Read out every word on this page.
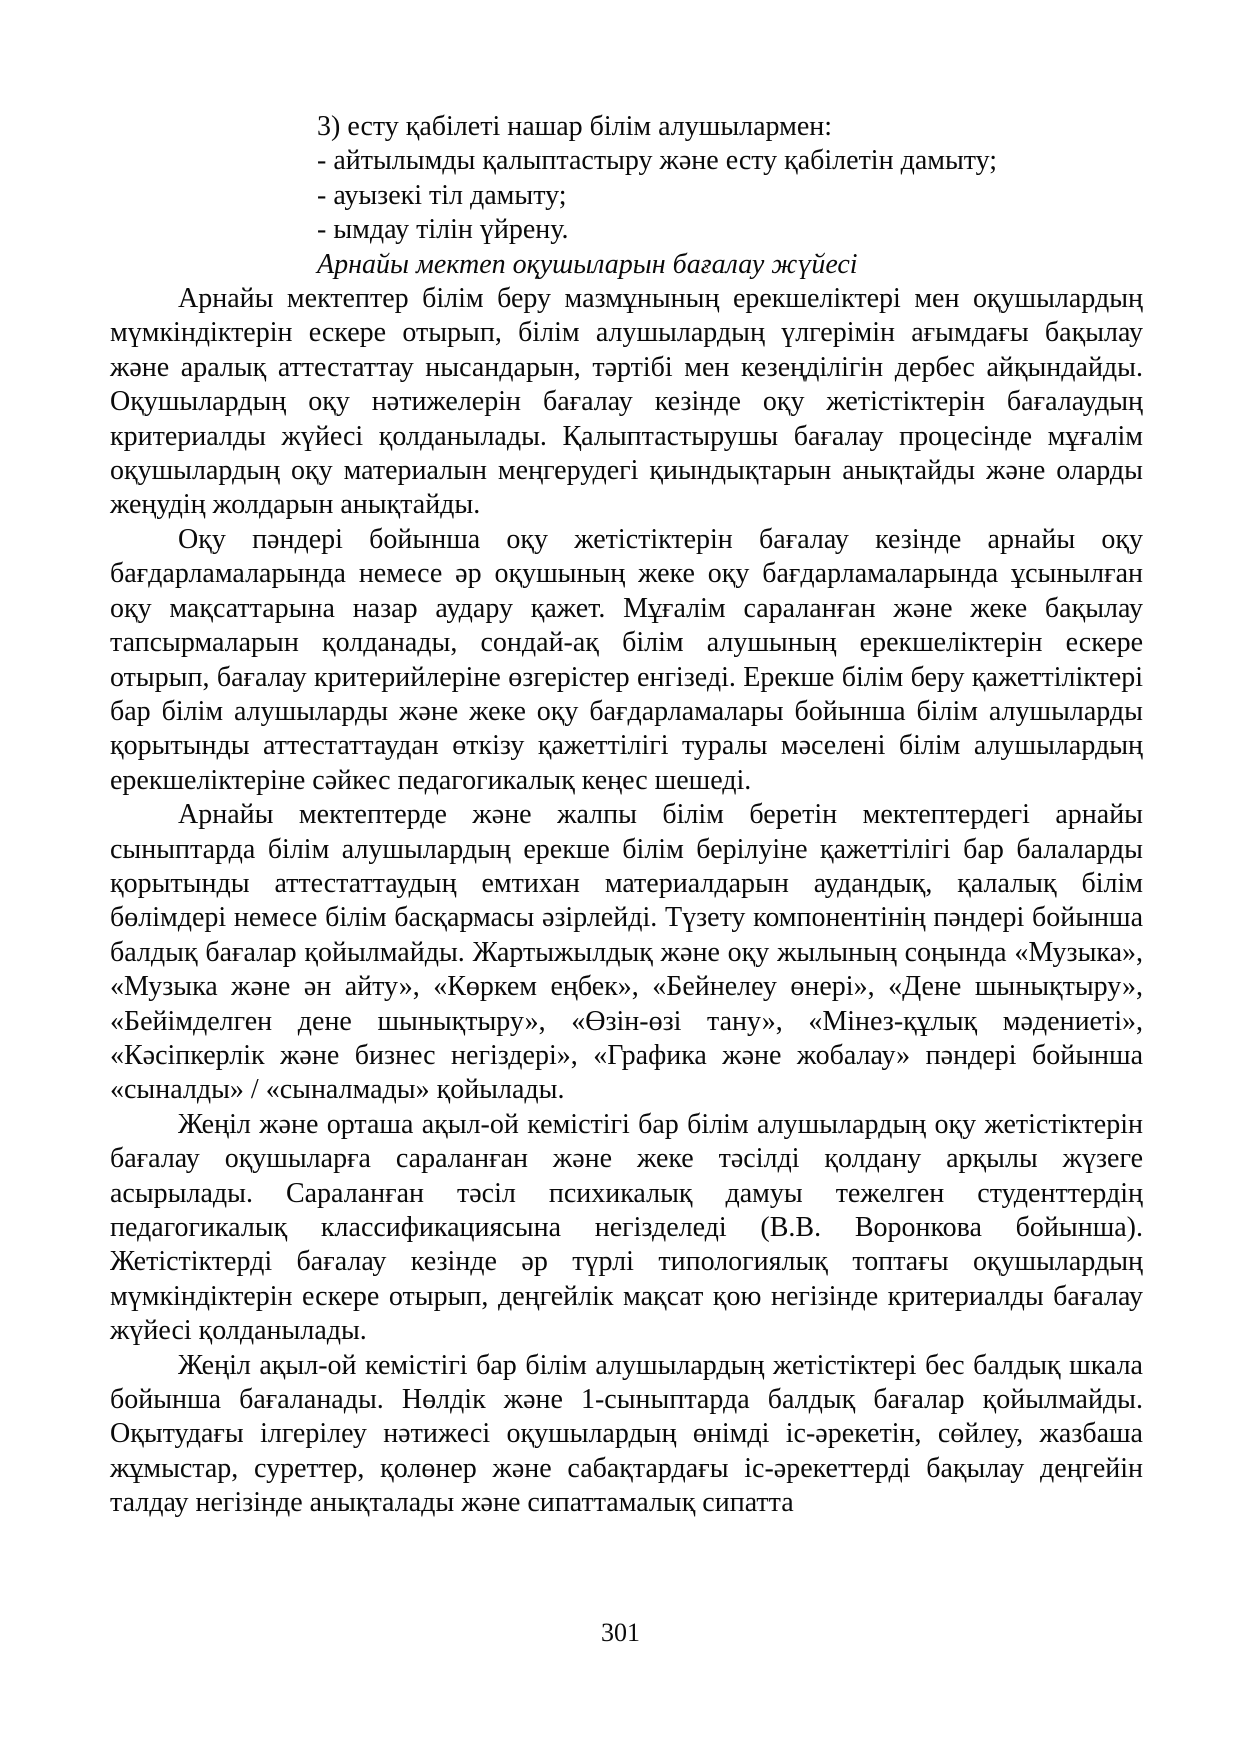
3) есту қабілеті нашар білім алушылармен:
- айтылымды қалыптастыру және есту қабілетін дамыту;
- ауызекі тіл дамыту;
- ымдау тілін үйрену.
Арнайы мектеп оқушыларын бағалау жүйесі

Арнайы мектептер білім беру мазмұнының ерекшеліктері мен оқушылардың мүмкіндіктерін ескере отырып, білім алушылардың үлгерімін ағымдағы бақылау және аралық аттестаттау нысандарын, тәртібі мен кезеңділігін дербес айқындайды. Оқушылардың оқу нәтижелерін бағалау кезінде оқу жетістіктерін бағалаудың критериалды жүйесі қолданылады. Қалыптастырушы бағалау процесінде мұғалім оқушылардың оқу материалын меңгерудегі қиындықтарын анықтайды және оларды жеңудің жолдарын анықтайды.

Оқу пәндері бойынша оқу жетістіктерін бағалау кезінде арнайы оқу бағдарламаларында немесе әр оқушының жеке оқу бағдарламаларында ұсынылған оқу мақсаттарына назар аудару қажет. Мұғалім сараланған және жеке бақылау тапсырмаларын қолданады, сондай-ақ білім алушының ерекшеліктерін ескере отырып, бағалау критерийлеріне өзгерістер енгізеді. Ерекше білім беру қажеттіліктері бар білім алушыларды және жеке оқу бағдарламалары бойынша білім алушыларды қорытынды аттестаттаудан өткізу қажеттілігі туралы мәселені білім алушылардың ерекшеліктеріне сәйкес педагогикалық кеңес шешеді.

Арнайы мектептерде және жалпы білім беретін мектептердегі арнайы сыныптарда білім алушылардың ерекше білім берілуіне қажеттілігі бар балаларды қорытынды аттестаттаудың емтихан материалдарын аудандық, қалалық білім бөлімдері немесе білім басқармасы әзірлейді. Түзету компонентінің пәндері бойынша балдық бағалар қойылмайды. Жартыжылдық және оқу жылының соңында «Музыка», «Музыка және ән айту», «Көркем еңбек», «Бейнелеу өнері», «Дене шынықтыру», «Бейімделген дене шынықтыру», «Өзін-өзі тану», «Мінез-құлық мәдениеті», «Кәсіпкерлік және бизнес негіздері», «Графика және жобалау» пәндері бойынша «сыналды» / «сыналмады» қойылады.

Жеңіл және орташа ақыл-ой кемістігі бар білім алушылардың оқу жетістіктерін бағалау оқушыларға сараланған және жеке тәсілді қолдану арқылы жүзеге асырылады. Сараланған тәсіл психикалық дамуы тежелген студенттердің педагогикалық классификациясына негізделеді (В.В. Воронкова бойынша). Жетістіктерді бағалау кезінде әр түрлі типологиялық топтағы оқушылардың мүмкіндіктерін ескере отырып, деңгейлік мақсат қою негізінде критериалды бағалау жүйесі қолданылады.

Жеңіл ақыл-ой кемістігі бар білім алушылардың жетістіктері бес балдық шкала бойынша бағаланады. Нөлдік және 1-сыныптарда балдық бағалар қойылмайды. Оқытудағы ілгерілеу нәтижесі оқушылардың өнімді іс-әрекетін, сөйлеу, жазбаша жұмыстар, суреттер, қолөнер және сабақтардағы іс-әрекеттерді бақылау деңгейін талдау негізінде анықталады және сипаттамалық сипатта

301
